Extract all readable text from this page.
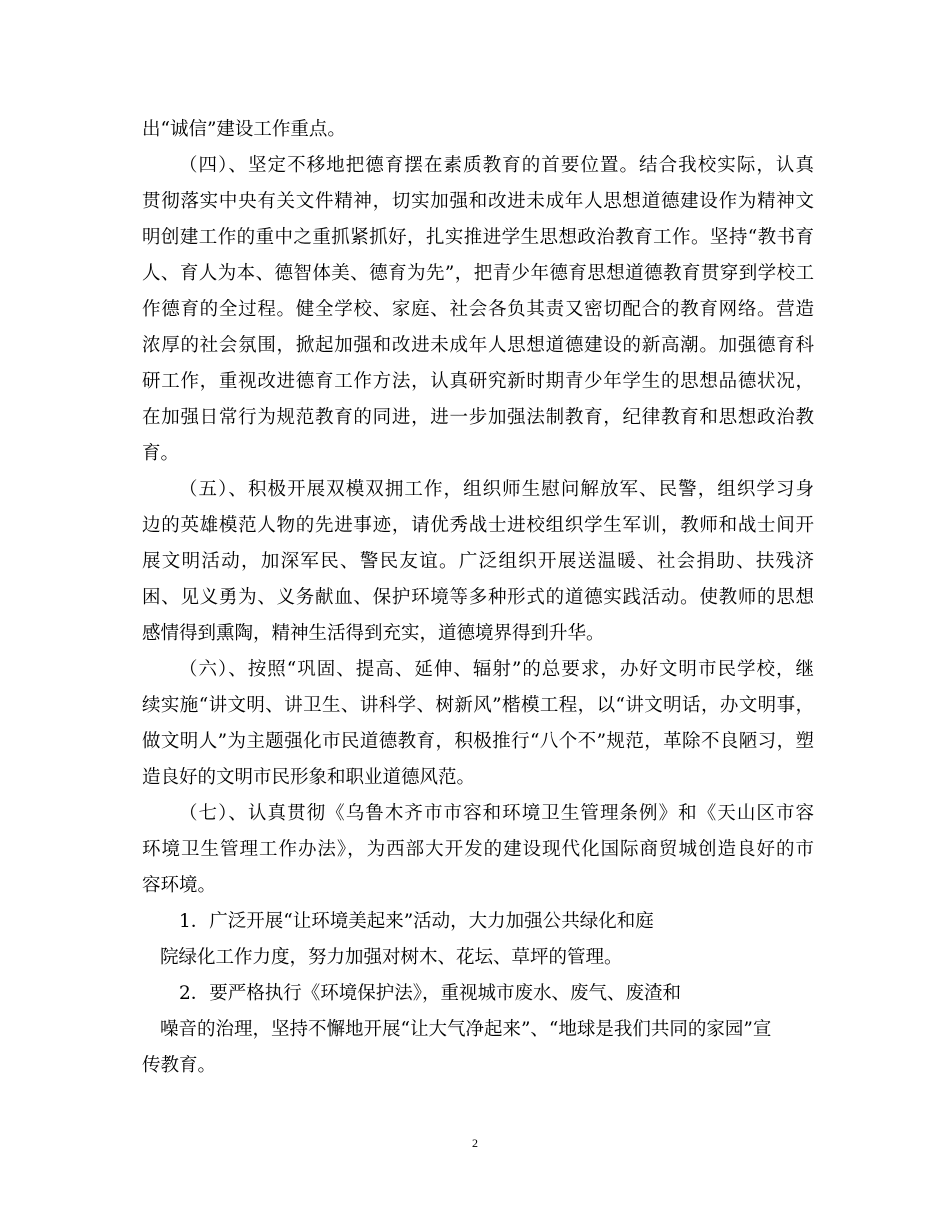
出“诚信”建设工作重点。
（四）、坚定不移地把德育摆在素质教育的首要位置。结合我校实际，认真
贯彻落实中央有关文件精神，切实加强和改进未成年人思想道德建设作为精神文
明创建工作的重中之重抓紧抓好，扎实推进学生思想政治教育工作。坚持“教书育
人、育人为本、德智体美、德育为先”，把青少年德育思想道德教育贯穿到学校工
作德育的全过程。健全学校、家庭、社会各负其责又密切配合的教育网络。营造
浓厚的社会氛围，掀起加强和改进未成年人思想道德建设的新高潮。加强德育科
研工作，重视改进德育工作方法，认真研究新时期青少年学生的思想品德状况，
在加强日常行为规范教育的同进，进一步加强法制教育，纪律教育和思想政治教
育。
（五）、积极开展双模双拥工作，组织师生慰问解放军、民警，组织学习身
边的英雄模范人物的先进事迹，请优秀战士进校组织学生军训，教师和战士间开
展文明活动，加深军民、警民友谊。广泛组织开展送温暖、社会捐助、扶残济
困、见义勇为、义务献血、保护环境等多种形式的道德实践活动。使教师的思想
感情得到熏陶，精神生活得到充实，道德境界得到升华。
（六）、按照“巩固、提高、延伸、辐射”的总要求，办好文明市民学校，继
续实施“讲文明、讲卫生、讲科学、树新风”楷模工程，以“讲文明话，办文明事，
做文明人”为主题强化市民道德教育，积极推行“八个不”规范，革除不良陋习，塑
造良好的文明市民形象和职业道德风范。
（七）、认真贯彻《乌鲁木齐市市容和环境卫生管理条例》和《天山区市容
环境卫生管理工作办法》，为西部大开发的建设现代化国际商贸城创造良好的市
容环境。
1．广泛开展“让环境美起来”活动，大力加强公共绿化和庭
院绿化工作力度，努力加强对树木、花坛、草坪的管理。
2．要严格执行《环境保护法》，重视城市废水、废气、废渣和
噪音的治理，坚持不懈地开展“让大气净起来”、“地球是我们共同的家园”宣
传教育。
2
